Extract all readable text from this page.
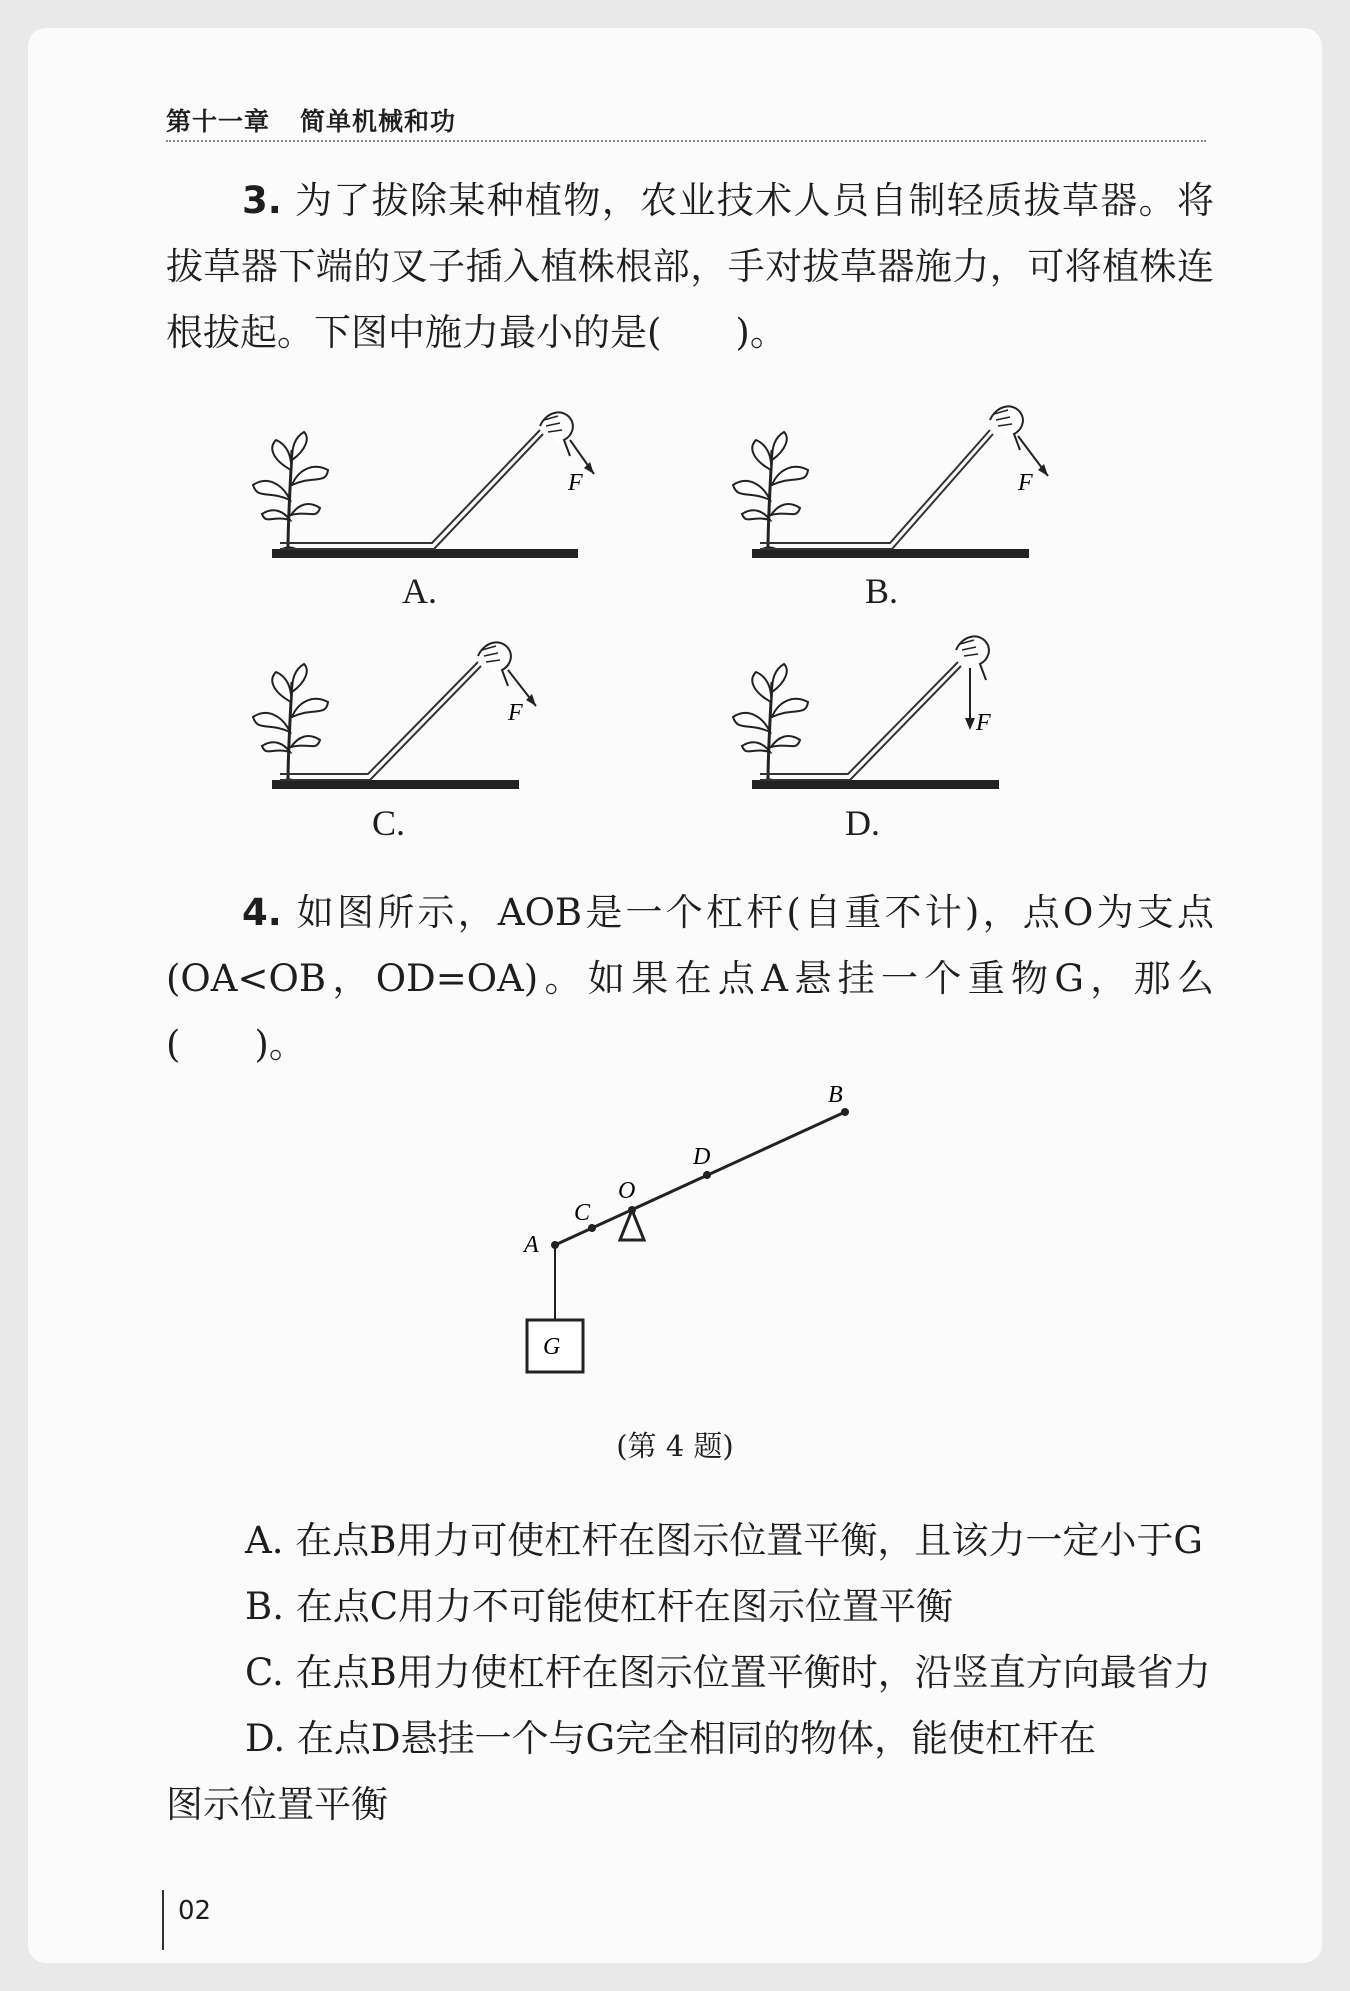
第十一章 简单机械和功
3. 为了拔除某种植物，农业技术人员自制轻质拔草器。将拔草器下端的叉子插入植株根部，手对拔草器施力，可将植株连根拔起。下图中施力最小的是(　　)。
F	F
F	F
A.	B.
C.	D.
4. 如图所示，AOB是一个杠杆(自重不计)，点O为支点(OA<OB，OD=OA)。如果在点A悬挂一个重物G，那么(　　)。
G
A
C
O
D
B
(第 4 题)
A. 在点B用力可使杠杆在图示位置平衡，且该力一定小于G
B. 在点C用力不可能使杠杆在图示位置平衡
C. 在点B用力使杠杆在图示位置平衡时，沿竖直方向最省力
D. 在点D悬挂一个与G完全相同的物体，能使杠杆在
图示位置平衡
02
